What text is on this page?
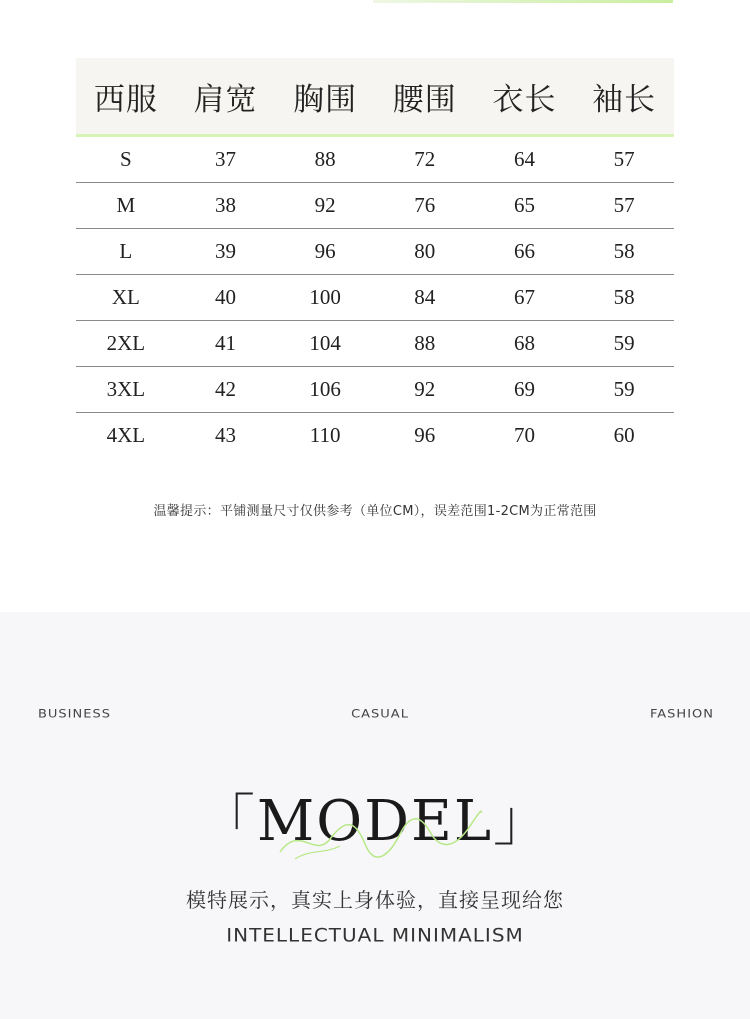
西服	肩宽	胸围	腰围	衣长	袖长
S	37	88	72	64	57
M	38	92	76	65	57
L	39	96	80	66	58
XL	40	100	84	67	58
2XL	41	104	88	68	59
3XL	42	106	92	69	59
4XL	43	110	96	70	60
温馨提示：平铺测量尺寸仅供参考（单位CM），误差范围1-2CM为正常范围
BUSINESS	CASUAL	FASHION
「MODEL」
模特展示，真实上身体验，直接呈现给您
INTELLECTUAL MINIMALISM
